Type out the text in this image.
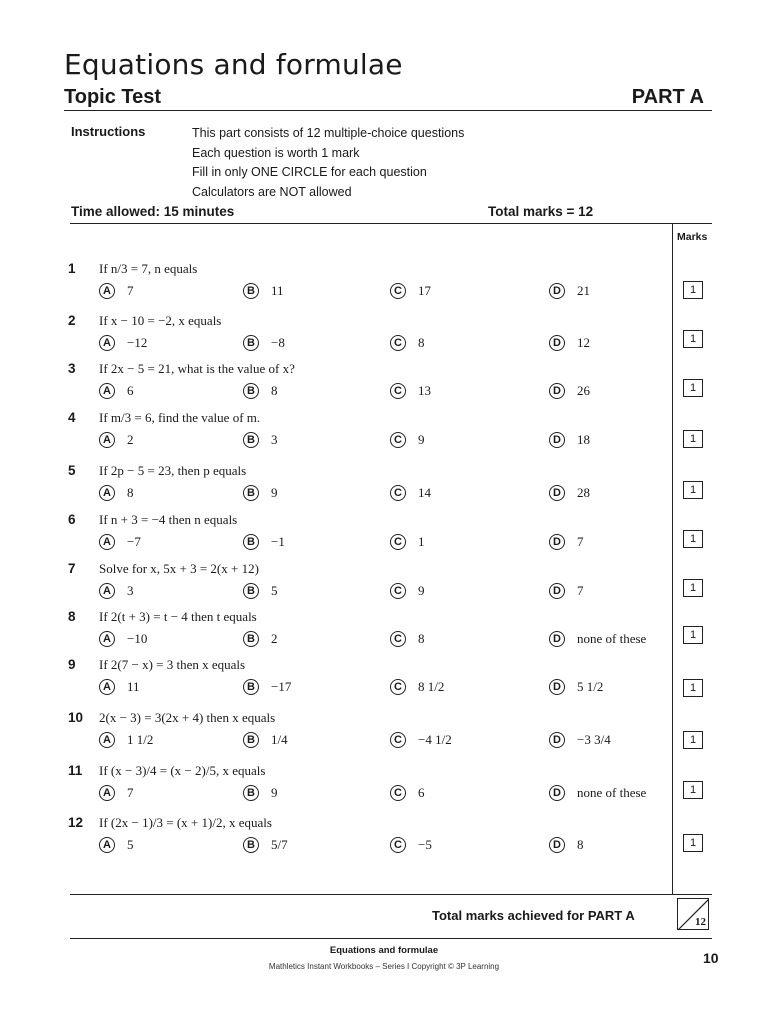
Equations and formulae
Topic Test	PART A
Instructions	This part consists of 12 multiple-choice questions
Each question is worth 1 mark
Fill in only ONE CIRCLE for each question
Calculators are NOT allowed
Time allowed: 15 minutes	Total marks = 12
Marks
1 If n/3 = 7, n equals
A	7	B	11	C	17	D	21	1
2 If x − 10 = −2, x equals
A	−12	B	−8	C	8	D	12	1
3 If 2x − 5 = 21, what is the value of x?
A	6	B	8	C	13	D	26	1
4 If m/3 = 6, find the value of m.
A	2	B	3	C	9	D	18	1
5 If 2p − 5 = 23, then p equals
A	8	B	9	C	14	D	28	1
6 If n + 3 = −4 then n equals
A	−7	B	−1	C	1	D	7	1
7 Solve for x, 5x + 3 = 2(x + 12)
A	3	B	5	C	9	D	7	1
8 If 2(t + 3) = t − 4 then t equals
A	−10	B	2	C	8	D	none of these	1
9 If 2(7 − x) = 3 then x equals
A	11	B	−17	C	8 1/2	D	5 1/2	1
10 2(x − 3) = 3(2x + 4) then x equals
A	1 1/2	B	1/4	C	−4 1/2	D	−3 3/4	1
11 If (x − 3)/4 = (x − 2)/5, x equals
A	7	B	9	C	6	D	none of these	1
12 If (2x − 1)/3 = (x + 1)/2, x equals
A	5	B	5/7	C	−5	D	8	1
Total marks achieved for PART A	12
Equations and formulae
Mathletics Instant Workbooks – Series I Copyright © 3P Learning
10
